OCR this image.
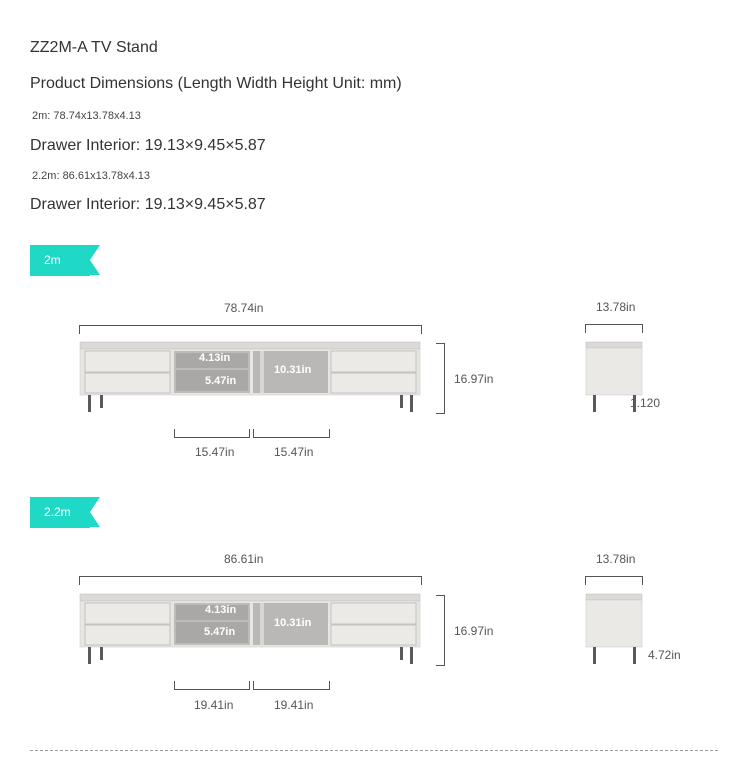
ZZ2M-A TV Stand
Product Dimensions (Length Width Height Unit: mm)
2m: 78.74x13.78x4.13
Drawer Interior: 19.13×9.45×5.87
2.2m: 86.61x13.78x4.13
Drawer Interior: 19.13×9.45×5.87
2m
78.74in
4.13in
5.47in
10.31in
16.97in
13.78in
1.120
15.47in	15.47in
2.2m
86.61in
4.13in
5.47in
10.31in
16.97in
13.78in
4.72in
19.41in	19.41in
